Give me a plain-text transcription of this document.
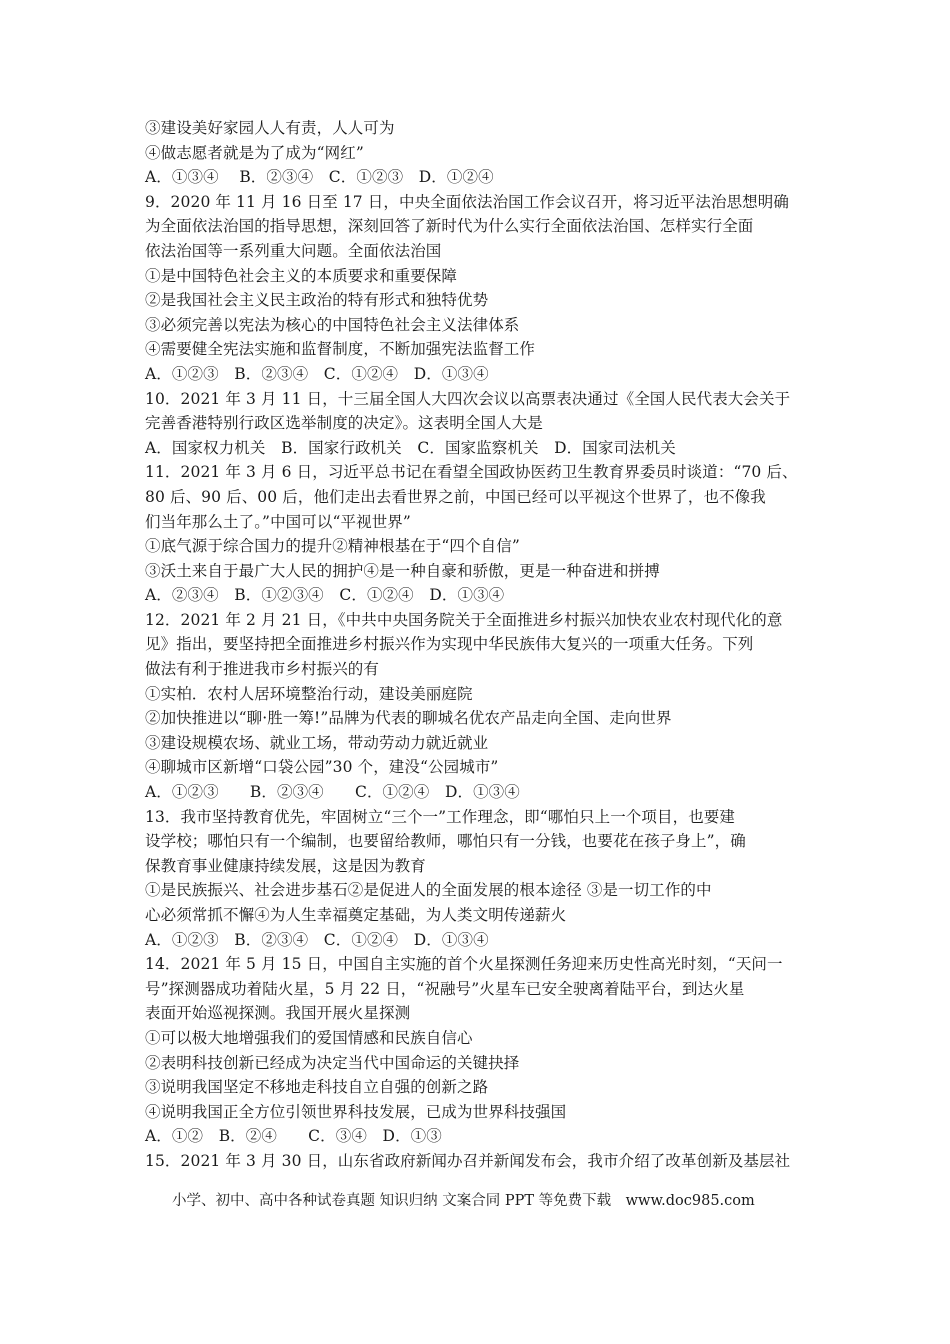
③建设美好家园人人有责，人人可为
④做志愿者就是为了成为“网红”
A．①③④　 B．②③④　C．①②③　D．①②④
9．2020 年 11 月 16 日至 17 日，中央全面依法治国工作会议召开，将习近平法治思想明确
为全面依法治国的指导思想，深刻回答了新时代为什么实行全面依法治国、怎样实行全面
依法治国等一系列重大问题。全面依法治国
①是中国特色社会主义的本质要求和重要保障
②是我国社会主义民主政治的特有形式和独特优势
③必须完善以宪法为核心的中国特色社会主义法律体系
④需要健全宪法实施和监督制度，不断加强宪法监督工作
A．①②③　B．②③④　C．①②④　D．①③④
10．2021 年 3 月 11 日，十三届全国人大四次会议以高票表决通过《全国人民代表大会关于
完善香港特别行政区选举制度的决定》。这表明全国人大是
A．国家权力机关　B．国家行政机关　C．国家监察机关　D．国家司法机关
11．2021 年 3 月 6 日，习近平总书记在看望全国政协医药卫生教育界委员时谈道：“70 后、
80 后、90 后、00 后，他们走出去看世界之前，中国已经可以平视这个世界了，也不像我
们当年那么土了。”中国可以“平视世界”
①底气源于综合国力的提升②精神根基在于“四个自信”
③沃土来自于最广大人民的拥护④是一种自豪和骄傲，更是一种奋进和拼搏
A．②③④　B．①②③④　C．①②④　D．①③④
12．2021 年 2 月 21 日，《中共中央国务院关于全面推进乡村振兴加快农业农村现代化的意
见》指出，要坚持把全面推进乡村振兴作为实现中华民族伟大复兴的一项重大任务。下列
做法有利于推进我市乡村振兴的有
①实柏．农村人居环境整治行动，建设美丽庭院
②加快推进以“聊·胜一筹!”品牌为代表的聊城名优农产品走向全国、走向世界
③建设规模农场、就业工场，带动劳动力就近就业
④聊城市区新增“口袋公园”30 个，建没“公园城市”
A．①②③　　B．②③④　　C．①②④　D．①③④
13．我市坚持教育优先，牢固树立“三个一”工作理念，即“哪怕只上一个项目，也要建
设学校；哪怕只有一个编制，也要留给教师，哪怕只有一分钱，也要花在孩子身上”，确
保教育事业健康持续发展，这是因为教育
①是民族振兴、社会进步基石②是促进人的全面发展的根本途径 ③是一切工作的中
心必须常抓不懈④为人生幸福奠定基础，为人类文明传递薪火
A．①②③　B．②③④　C．①②④　D．①③④
14．2021 年 5 月 15 日，中国自主实施的首个火星探测任务迎来历史性高光时刻，“天问一
号”探测器成功着陆火星，5 月 22 日，“祝融号”火星车已安全驶离着陆平台，到达火星
表面开始巡视探测。我国开展火星探测
①可以极大地增强我们的爱国情感和民族自信心
②表明科技创新已经成为决定当代中国命运的关键抉择
③说明我国坚定不移地走科技自立自强的创新之路
④说明我国正全方位引领世界科技发展，已成为世界科技强国
A．①②　B．②④　　C．③④　D．①③
15．2021 年 3 月 30 日，山东省政府新闻办召并新闻发布会，我市介绍了改革创新及基层社
小学、初中、高中各种试卷真题 知识归纳 文案合同 PPT 等免费下载　www.doc985.com
